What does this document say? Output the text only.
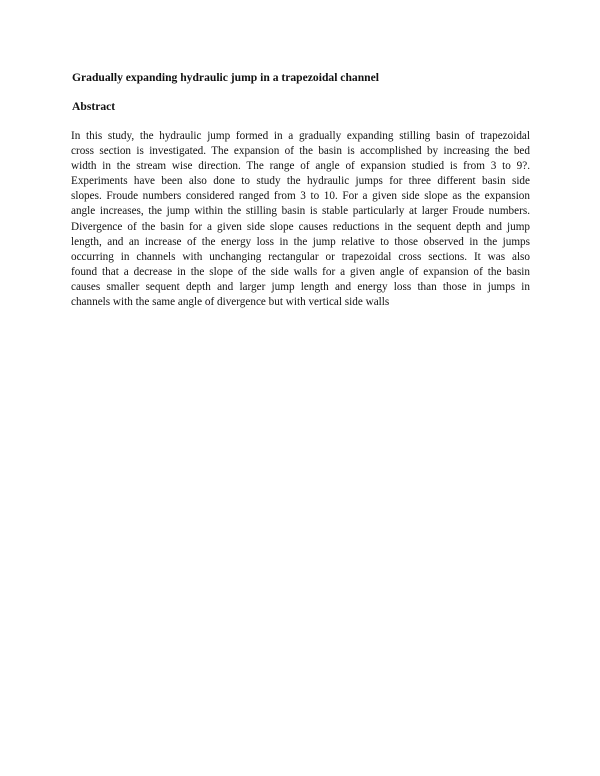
Gradually expanding hydraulic jump in a trapezoidal channel
Abstract
In this study, the hydraulic jump formed in a gradually expanding stilling basin of trapezoidal
cross section is investigated. The expansion of the basin is accomplished by increasing the bed
width in the stream wise direction. The range of angle of expansion studied is from 3 to 9?.
Experiments have been also done to study the hydraulic jumps for three different basin side
slopes. Froude numbers considered ranged from 3 to 10. For a given side slope as the expansion
angle increases, the jump within the stilling basin is stable particularly at larger Froude numbers.
Divergence of the basin for a given side slope causes reductions in the sequent depth and jump
length, and an increase of the energy loss in the jump relative to those observed in the jumps
occurring in channels with unchanging rectangular or trapezoidal cross sections. It was also
found that a decrease in the slope of the side walls for a given angle of expansion of the basin
causes smaller sequent depth and larger jump length and energy loss than those in jumps in
channels with the same angle of divergence but with vertical side walls
